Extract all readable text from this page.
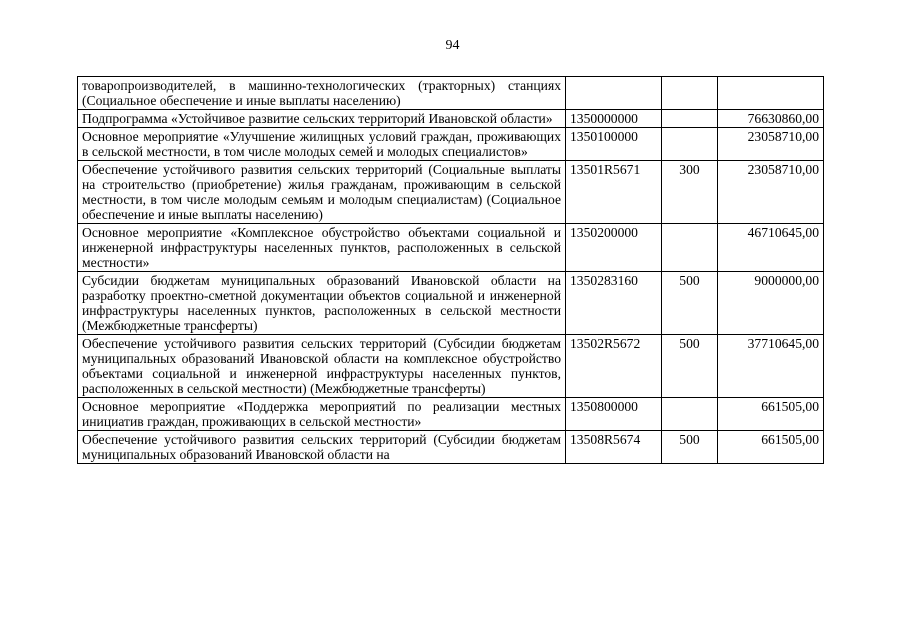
94
товаропроизводителей, в машинно-технологических (тракторных) станциях (Социальное обеспечение и иные выплаты населению)			
Подпрограмма «Устойчивое развитие сельских территорий Ивановской области»	1350000000		76630860,00
Основное мероприятие «Улучшение жилищных условий граждан, проживающих в сельской местности, в том числе молодых семей и молодых специалистов»	1350100000		23058710,00
Обеспечение устойчивого развития сельских территорий (Социальные выплаты на строительство (приобретение) жилья гражданам, проживающим в сельской местности, в том числе молодым семьям и молодым специалистам) (Социальное обеспечение и иные выплаты населению)	13501R5671	300	23058710,00
Основное мероприятие «Комплексное обустройство объектами социальной и инженерной инфраструктуры населенных пунктов, расположенных в сельской местности»	1350200000		46710645,00
Субсидии бюджетам муниципальных образований Ивановской области на разработку проектно-сметной документации объектов социальной и инженерной инфраструктуры населенных пунктов, расположенных в сельской местности (Межбюджетные трансферты)	1350283160	500	9000000,00
Обеспечение устойчивого развития сельских территорий (Субсидии бюджетам муниципальных образований Ивановской области на комплексное обустройство объектами социальной и инженерной инфраструктуры населенных пунктов, расположенных в сельской местности) (Межбюджетные трансферты)	13502R5672	500	37710645,00
Основное мероприятие «Поддержка мероприятий по реализации местных инициатив граждан, проживающих в сельской местности»	1350800000		661505,00
Обеспечение устойчивого развития сельских территорий (Субсидии бюджетам муниципальных образований Ивановской области на	13508R5674	500	661505,00
